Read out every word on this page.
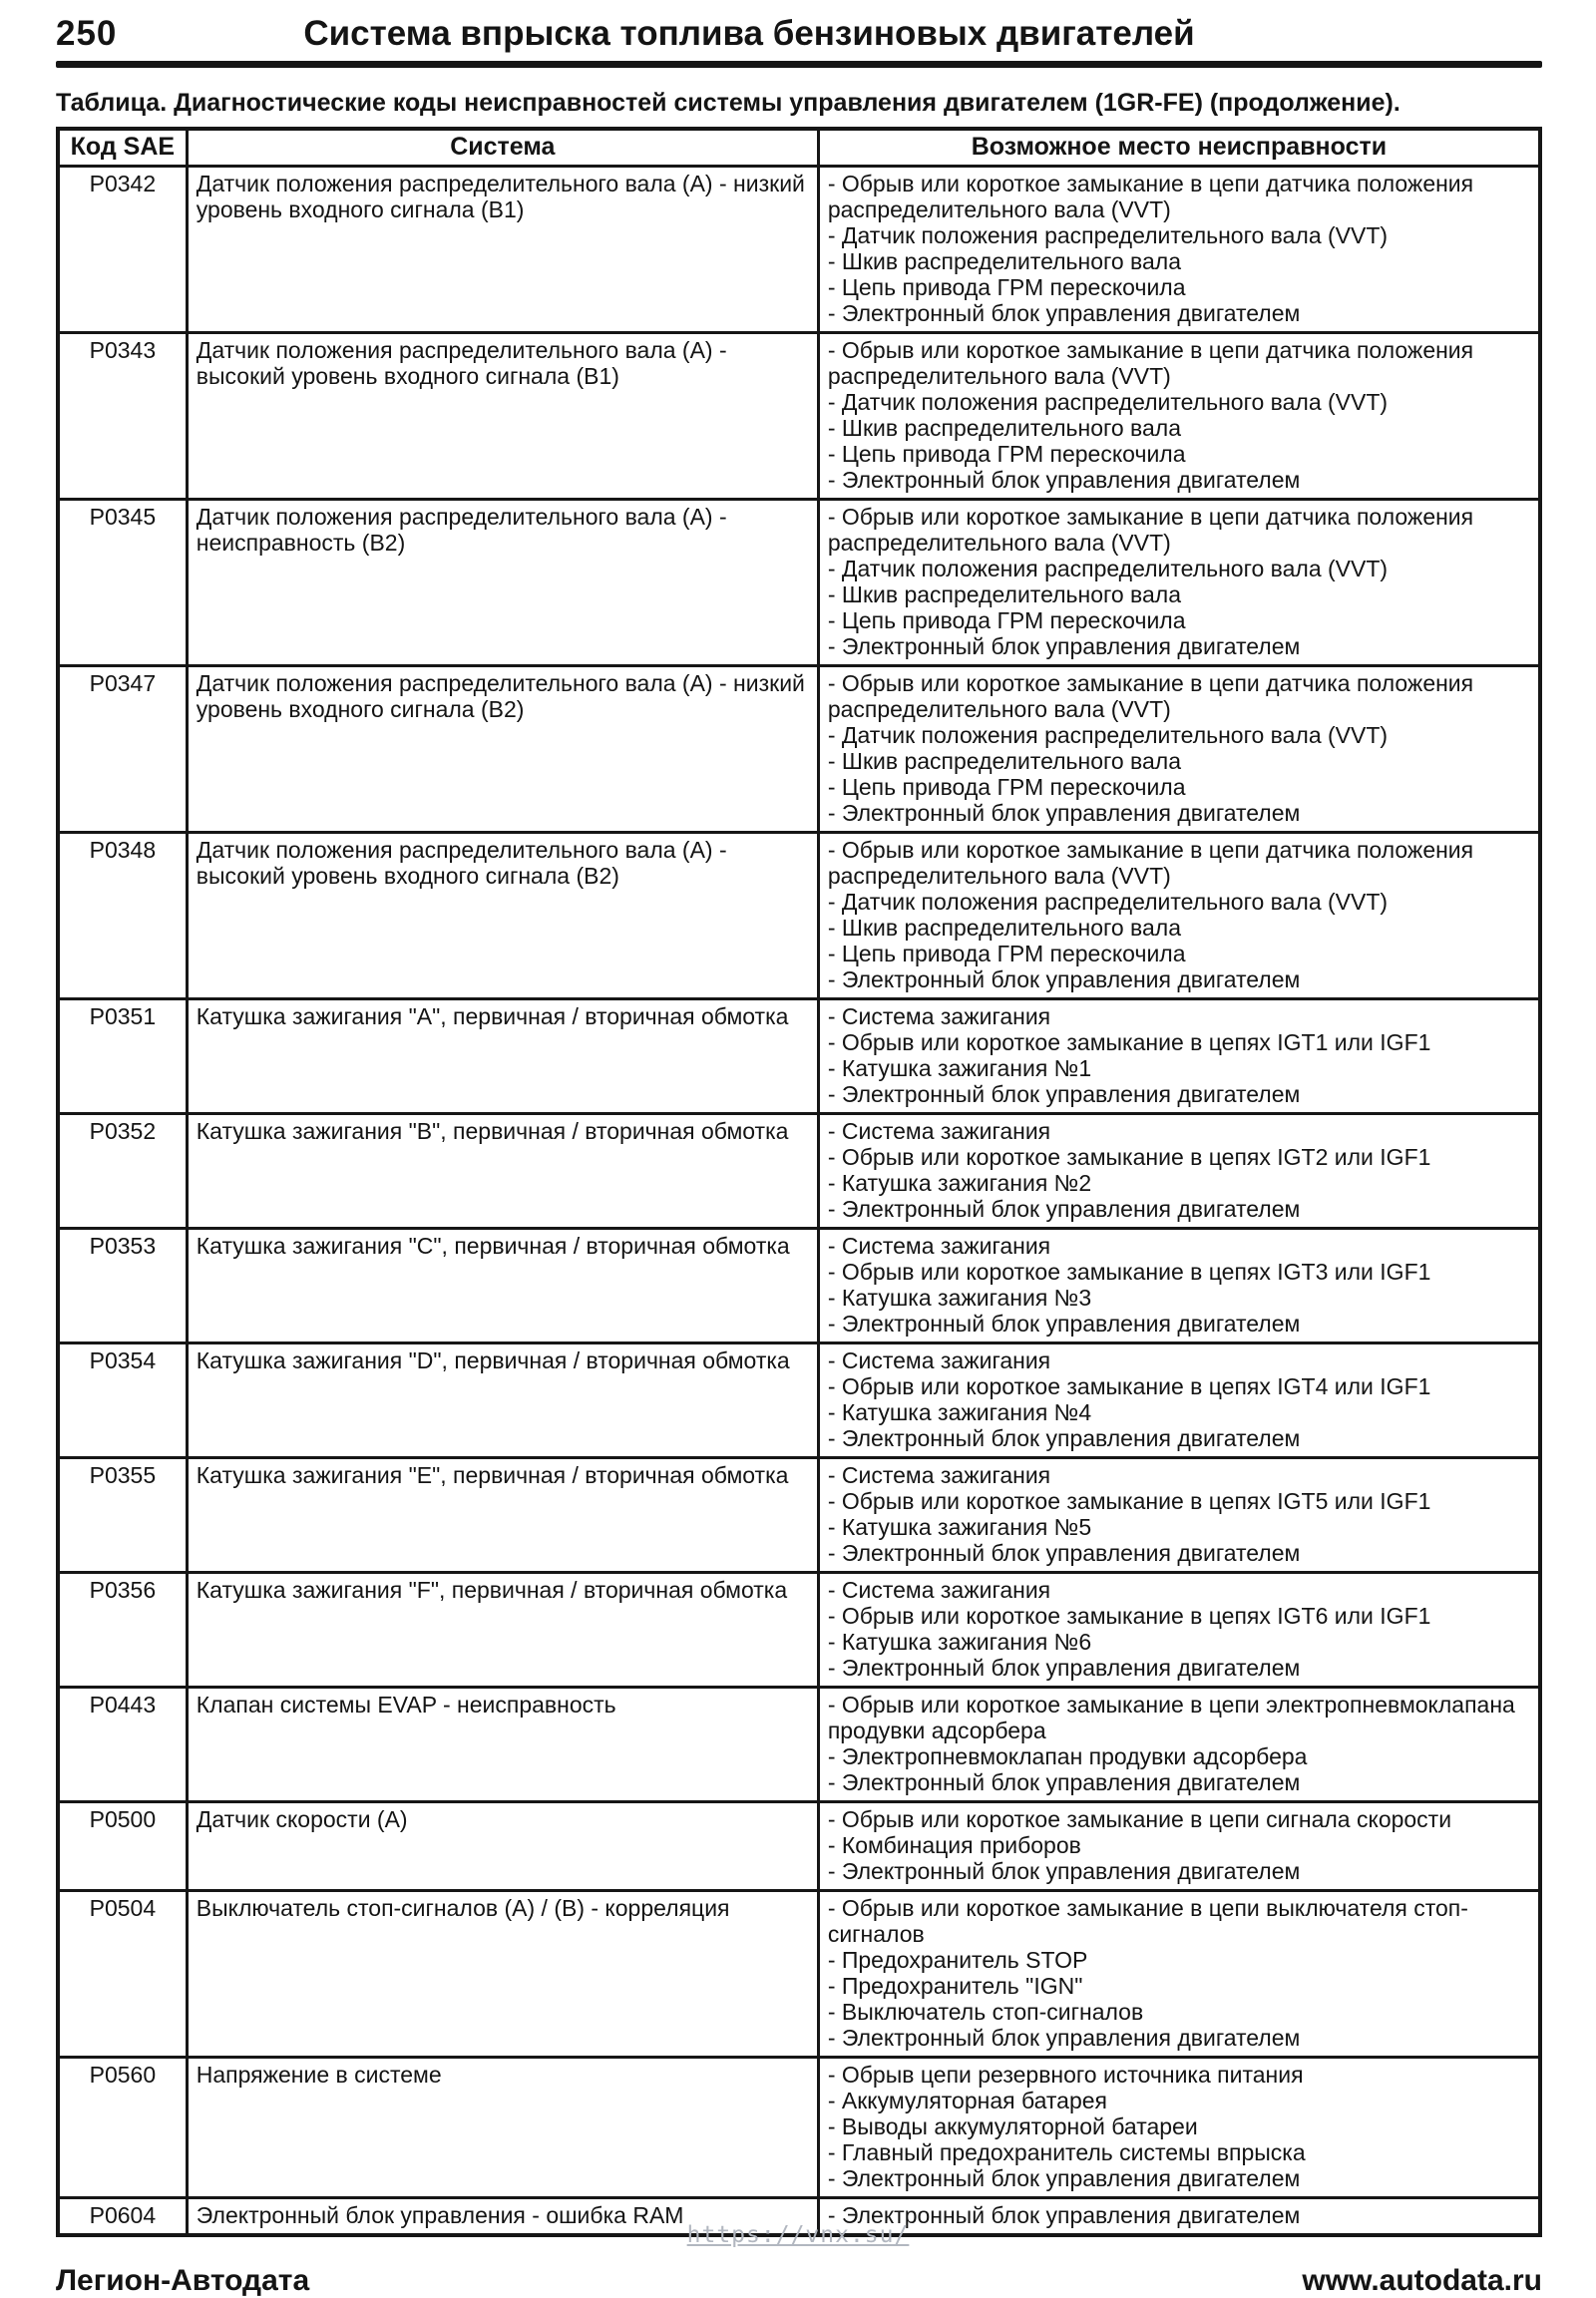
250	Система впрыска топлива бензиновых двигателей
Таблица. Диагностические коды неисправностей системы управления двигателем (1GR-FE) (продолжение).
Код SAE	Система	Возможное место неисправности
P0342	Датчик положения распределительного вала (A) - низкий уровень входного сигнала (B1)	- Обрыв или короткое замыкание в цепи датчика положения распределительного вала (VVT)
- Датчик положения распределительного вала (VVT)
- Шкив распределительного вала
- Цепь привода ГРМ перескочила
- Электронный блок управления двигателем

P0343	Датчик положения распределительного вала (A) - высокий уровень входного сигнала (B1)	- Обрыв или короткое замыкание в цепи датчика положения распределительного вала (VVT)
- Датчик положения распределительного вала (VVT)
- Шкив распределительного вала
- Цепь привода ГРМ перескочила
- Электронный блок управления двигателем

P0345	Датчик положения распределительного вала (A) - неисправность (B2)	- Обрыв или короткое замыкание в цепи датчика положения распределительного вала (VVT)
- Датчик положения распределительного вала (VVT)
- Шкив распределительного вала
- Цепь привода ГРМ перескочила
- Электронный блок управления двигателем

P0347	Датчик положения распределительного вала (A) - низкий уровень входного сигнала (B2)	- Обрыв или короткое замыкание в цепи датчика положения распределительного вала (VVT)
- Датчик положения распределительного вала (VVT)
- Шкив распределительного вала
- Цепь привода ГРМ перескочила
- Электронный блок управления двигателем

P0348	Датчик положения распределительного вала (A) - высокий уровень входного сигнала (B2)	- Обрыв или короткое замыкание в цепи датчика положения распределительного вала (VVT)
- Датчик положения распределительного вала (VVT)
- Шкив распределительного вала
- Цепь привода ГРМ перескочила
- Электронный блок управления двигателем

P0351	Катушка зажигания "A", первичная / вторичная обмотка	- Система зажигания
- Обрыв или короткое замыкание в цепях IGT1 или IGF1
- Катушка зажигания №1
- Электронный блок управления двигателем

P0352	Катушка зажигания "B", первичная / вторичная обмотка	- Система зажигания
- Обрыв или короткое замыкание в цепях IGT2 или IGF1
- Катушка зажигания №2
- Электронный блок управления двигателем

P0353	Катушка зажигания "C", первичная / вторичная обмотка	- Система зажигания
- Обрыв или короткое замыкание в цепях IGT3 или IGF1
- Катушка зажигания №3
- Электронный блок управления двигателем

P0354	Катушка зажигания "D", первичная / вторичная обмотка	- Система зажигания
- Обрыв или короткое замыкание в цепях IGT4 или IGF1
- Катушка зажигания №4
- Электронный блок управления двигателем

P0355	Катушка зажигания "E", первичная / вторичная обмотка	- Система зажигания
- Обрыв или короткое замыкание в цепях IGT5 или IGF1
- Катушка зажигания №5
- Электронный блок управления двигателем

P0356	Катушка зажигания "F", первичная / вторичная обмотка	- Система зажигания
- Обрыв или короткое замыкание в цепях IGT6 или IGF1
- Катушка зажигания №6
- Электронный блок управления двигателем

P0443	Клапан системы EVAP - неисправность	- Обрыв или короткое замыкание в цепи электропневмоклапана продувки адсорбера
- Электропневмоклапан продувки адсорбера
- Электронный блок управления двигателем

P0500	Датчик скорости (A)	- Обрыв или короткое замыкание в цепи сигнала скорости
- Комбинация приборов
- Электронный блок управления двигателем

P0504	Выключатель стоп-сигналов (A) / (B) - корреляция	- Обрыв или короткое замыкание в цепи выключателя стоп-сигналов
- Предохранитель STOP
- Предохранитель "IGN"
- Выключатель стоп-сигналов
- Электронный блок управления двигателем

P0560	Напряжение в системе	- Обрыв цепи резервного источника питания
- Аккумуляторная батарея
- Выводы аккумуляторной батареи
- Главный предохранитель системы впрыска
- Электронный блок управления двигателем

P0604	Электронный блок управления - ошибка RAM	- Электронный блок управления двигателем
Легион-Автодата	www.autodata.ru
https://vnx.su/
